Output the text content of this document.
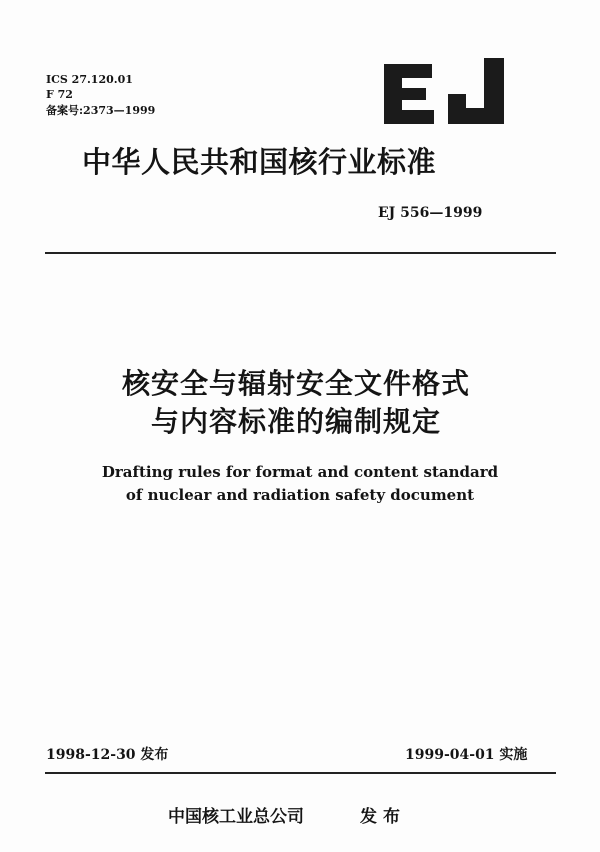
ICS 27.120.01
F 72
备案号:2373—1999
中华人民共和国核行业标准
EJ 556—1999
核安全与辐射安全文件格式
与内容标准的编制规定
Drafting rules for format and content standard
of nuclear and radiation safety document
1998-12-30 发布	1999-04-01 实施
中国核工业总公司	发布
